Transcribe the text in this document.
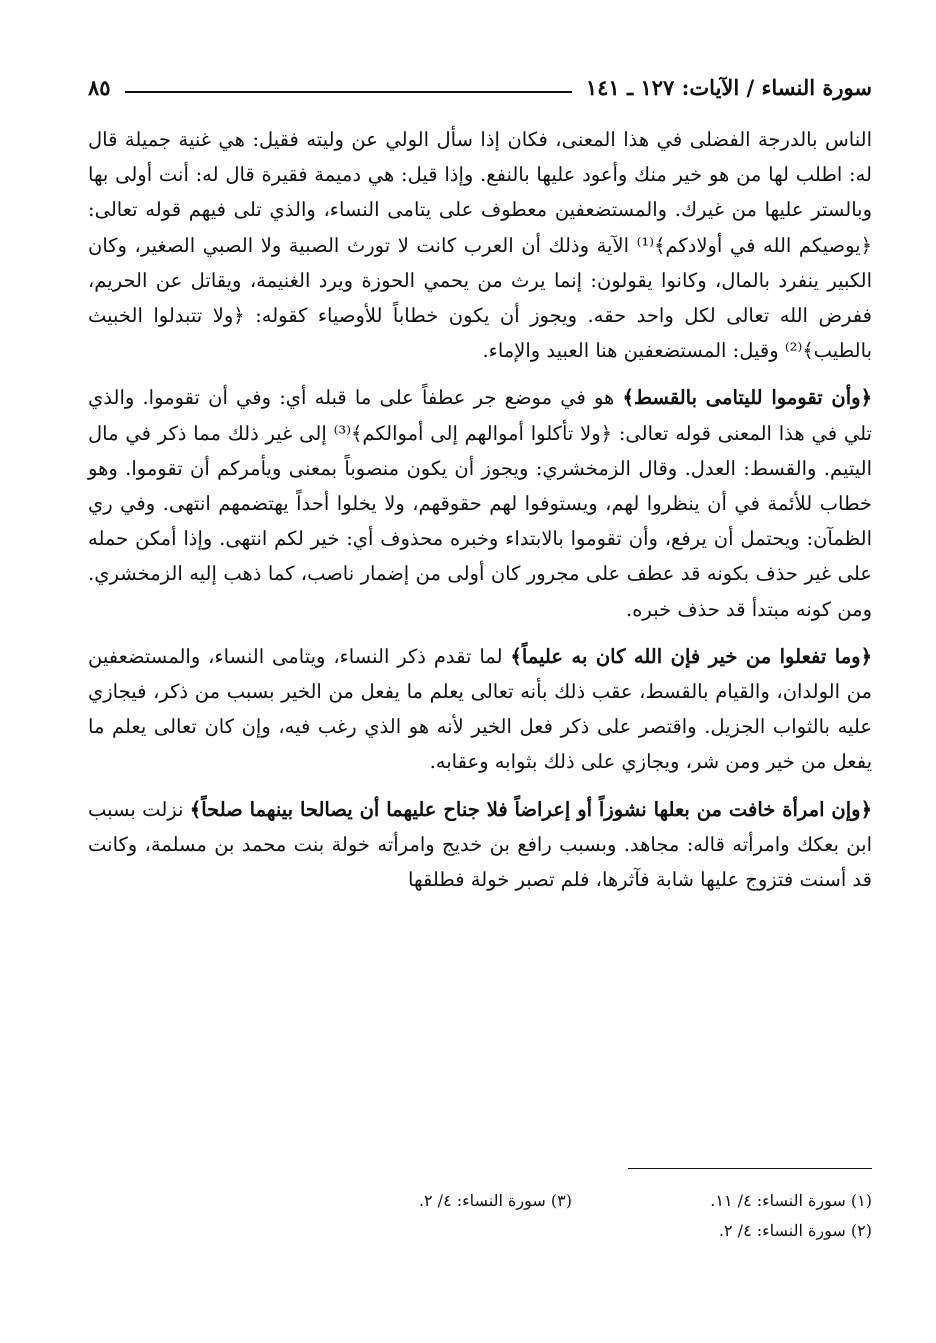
سورة النساء / الآيات: ١٢٧ ـ ١٤١
٨٥

الناس بالدرجة الفضلى في هذا المعنى، فكان إذا سأل الولي عن وليته فقيل: هي غنية جميلة قال له: اطلب لها من هو خير منك وأعود عليها بالنفع. وإذا قيل: هي دميمة فقيرة قال له: أنت أولى بها وبالستر عليها من غيرك. والمستضعفين معطوف على يتامى النساء، والذي تلى فيهم قوله تعالى: ﴿يوصيكم الله في أولادكم﴾⁽¹⁾ الآية وذلك أن العرب كانت لا تورث الصبية ولا الصبي الصغير، وكان الكبير ينفرد بالمال، وكانوا يقولون: إنما يرث من يحمي الحوزة ويرد الغنيمة، ويقاتل عن الحريم، ففرض الله تعالى لكل واحد حقه. ويجوز أن يكون خطاباً للأوصياء كقوله: ﴿ولا تتبدلوا الخبيث بالطيب﴾⁽²⁾ وقيل: المستضعفين هنا العبيد والإماء.

﴿وأن تقوموا لليتامى بالقسط﴾ هو في موضع جر عطفاً على ما قبله أي: وفي أن تقوموا. والذي تلي في هذا المعنى قوله تعالى: ﴿ولا تأكلوا أموالهم إلى أموالكم﴾⁽³⁾ إلى غير ذلك مما ذكر في مال اليتيم. والقسط: العدل. وقال الزمخشري: ويجوز أن يكون منصوباً بمعنى ويأمركم أن تقوموا. وهو خطاب للأئمة في أن ينظروا لهم، ويستوفوا لهم حقوقهم، ولا يخلوا أحداً يهتضمهم انتهى. وفي ري الظمآن: ويحتمل أن يرفع، وأن تقوموا بالابتداء وخبره محذوف أي: خير لكم انتهى. وإذا أمكن حمله على غير حذف بكونه قد عطف على مجرور كان أولى من إضمار ناصب، كما ذهب إليه الزمخشري. ومن كونه مبتدأ قد حذف خبره.

﴿وما تفعلوا من خير فإن الله كان به عليماً﴾ لما تقدم ذكر النساء، ويتامى النساء، والمستضعفين من الولدان، والقيام بالقسط، عقب ذلك بأنه تعالى يعلم ما يفعل من الخير بسبب من ذكر، فيجازي عليه بالثواب الجزيل. واقتصر على ذكر فعل الخير لأنه هو الذي رغب فيه، وإن كان تعالى يعلم ما يفعل من خير ومن شر، ويجازي على ذلك بثوابه وعقابه.

﴿وإن امرأة خافت من بعلها نشوزاً أو إعراضاً فلا جناح عليهما أن يصالحا بينهما صلحاً﴾ نزلت بسبب ابن بعكك وامرأته قاله: مجاهد. وبسبب رافع بن خديج وامرأته خولة بنت محمد بن مسلمة، وكانت قد أسنت فتزوج عليها شابة فآثرها، فلم تصبر خولة فطلقها

(١) سورة النساء: ٤/ ١١.
(٣) سورة النساء: ٤/ ٢.
(٢) سورة النساء: ٤/ ٢.
